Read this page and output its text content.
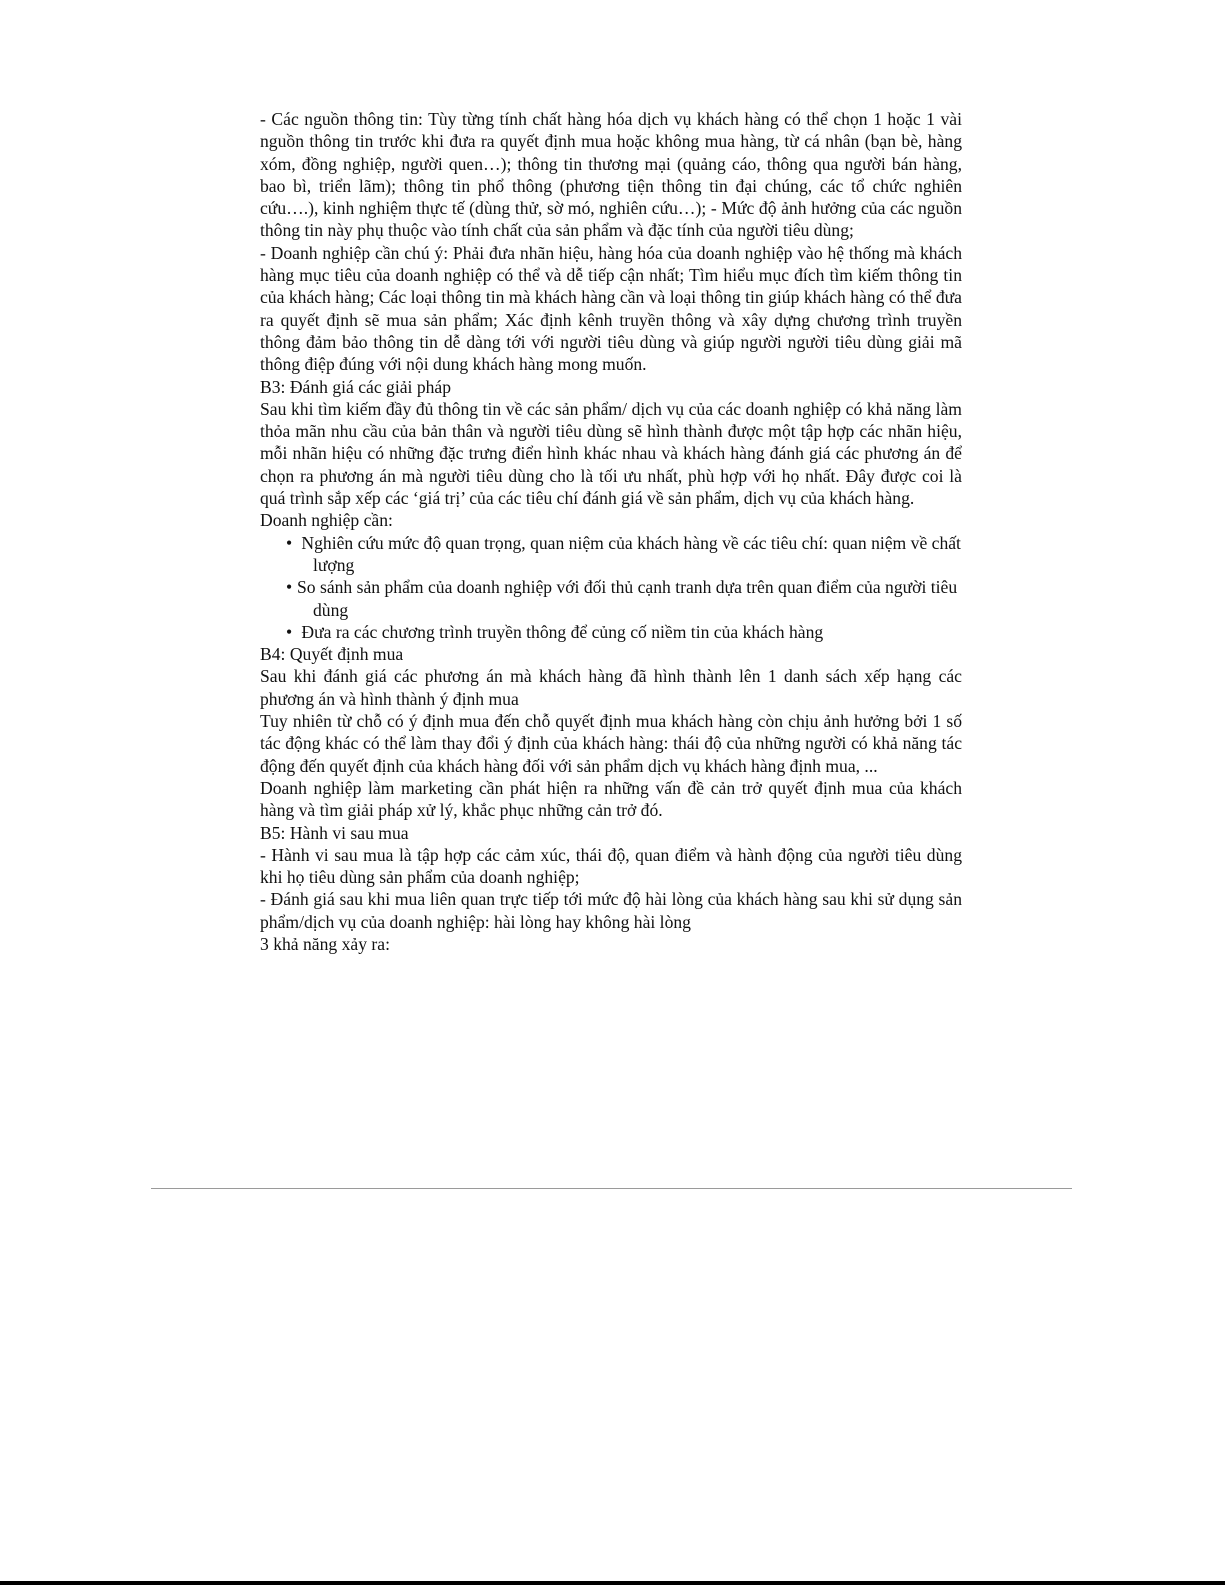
- Các nguồn thông tin: Tùy từng tính chất hàng hóa dịch vụ khách hàng có thể chọn 1 hoặc 1 vài nguồn thông tin trước khi đưa ra quyết định mua hoặc không mua hàng, từ cá nhân (bạn bè, hàng xóm, đồng nghiệp, người quen…); thông tin thương mại (quảng cáo, thông qua người bán hàng, bao bì, triển lãm); thông tin phổ thông (phương tiện thông tin đại chúng, các tổ chức nghiên cứu….), kinh nghiệm thực tế (dùng thử, sờ mó, nghiên cứu…); - Mức độ ảnh hưởng của các nguồn thông tin này phụ thuộc vào tính chất của sản phẩm và đặc tính của người tiêu dùng;

- Doanh nghiệp cần chú ý: Phải đưa nhãn hiệu, hàng hóa của doanh nghiệp vào hệ thống mà khách hàng mục tiêu của doanh nghiệp có thể và dễ tiếp cận nhất; Tìm hiểu mục đích tìm kiếm thông tin của khách hàng; Các loại thông tin mà khách hàng cần và loại thông tin giúp khách hàng có thể đưa ra quyết định sẽ mua sản phẩm; Xác định kênh truyền thông và xây dựng chương trình truyền thông đảm bảo thông tin dễ dàng tới với người tiêu dùng và giúp người người tiêu dùng giải mã thông điệp đúng với nội dung khách hàng mong muốn.

B3: Đánh giá các giải pháp

Sau khi tìm kiếm đầy đủ thông tin về các sản phẩm/ dịch vụ của các doanh nghiệp có khả năng làm thỏa mãn nhu cầu của bản thân và người tiêu dùng sẽ hình thành được một tập hợp các nhãn hiệu, mỗi nhãn hiệu có những đặc trưng điển hình khác nhau và khách hàng đánh giá các phương án để chọn ra phương án mà người tiêu dùng cho là tối ưu nhất, phù hợp với họ nhất. Đây được coi là quá trình sắp xếp các ‘giá trị’ của các tiêu chí đánh giá về sản phẩm, dịch vụ của khách hàng.

Doanh nghiệp cần:

• Nghiên cứu mức độ quan trọng, quan niệm của khách hàng về các tiêu chí: quan niệm về chất lượng
• So sánh sản phẩm của doanh nghiệp với đối thủ cạnh tranh dựa trên quan điểm của người tiêu dùng
• Đưa ra các chương trình truyền thông để củng cố niềm tin của khách hàng

B4: Quyết định mua

Sau khi đánh giá các phương án mà khách hàng đã hình thành lên 1 danh sách xếp hạng các phương án và hình thành ý định mua

Tuy nhiên từ chỗ có ý định mua đến chỗ quyết định mua khách hàng còn chịu ảnh hưởng bởi 1 số tác động khác có thể làm thay đổi ý định của khách hàng: thái độ của những người có khả năng tác động đến quyết định của khách hàng đối với sản phẩm dịch vụ khách hàng định mua, ...

Doanh nghiệp làm marketing cần phát hiện ra những vấn đề cản trở quyết định mua của khách hàng và tìm giải pháp xử lý, khắc phục những cản trở đó.

B5: Hành vi sau mua

- Hành vi sau mua là tập hợp các cảm xúc, thái độ, quan điểm và hành động của người tiêu dùng khi họ tiêu dùng sản phẩm của doanh nghiệp;

- Đánh giá sau khi mua liên quan trực tiếp tới mức độ hài lòng của khách hàng sau khi sử dụng sản phẩm/dịch vụ của doanh nghiệp: hài lòng hay không hài lòng

3 khả năng xảy ra:
